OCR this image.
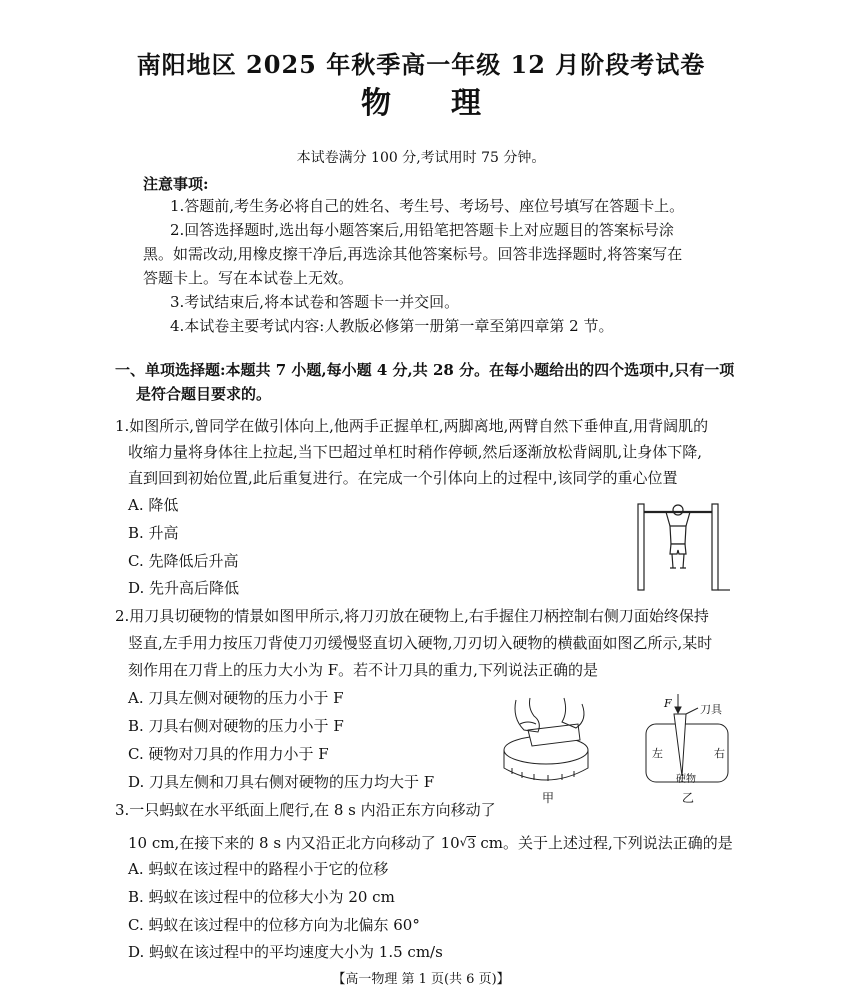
南阳地区 2025 年秋季高一年级 12 月阶段考试卷
物理
本试卷满分 100 分,考试用时 75 分钟。
注意事项:
1.答题前,考生务必将自己的姓名、考生号、考场号、座位号填写在答题卡上。
2.回答选择题时,选出每小题答案后,用铅笔把答题卡上对应题目的答案标号涂
黑。如需改动,用橡皮擦干净后,再选涂其他答案标号。回答非选择题时,将答案写在
答题卡上。写在本试卷上无效。
3.考试结束后,将本试卷和答题卡一并交回。
4.本试卷主要考试内容:人教版必修第一册第一章至第四章第 2 节。
一、单项选择题:本题共 7 小题,每小题 4 分,共 28 分。在每小题给出的四个选项中,只有一项
是符合题目要求的。
1.如图所示,曾同学在做引体向上,他两手正握单杠,两脚离地,两臂自然下垂伸直,用背阔肌的
收缩力量将身体往上拉起,当下巴超过单杠时稍作停顿,然后逐渐放松背阔肌,让身体下降,
直到回到初始位置,此后重复进行。在完成一个引体向上的过程中,该同学的重心位置
A. 降低
B. 升高
C. 先降低后升高
D. 先升高后降低
2.用刀具切硬物的情景如图甲所示,将刀刃放在硬物上,右手握住刀柄控制右侧刀面始终保持
竖直,左手用力按压刀背使刀刃缓慢竖直切入硬物,刀刃切入硬物的横截面如图乙所示,某时
刻作用在刀背上的压力大小为 F。若不计刀具的重力,下列说法正确的是
A. 刀具左侧对硬物的压力小于 F
B. 刀具右侧对硬物的压力小于 F
C. 硬物对刀具的作用力小于 F
D. 刀具左侧和刀具右侧对硬物的压力均大于 F
甲
F	刀具
左	右
硬物
乙
3.一只蚂蚁在水平纸面上爬行,在 8 s 内沿正东方向移动了
10 cm,在接下来的 8 s 内又沿正北方向移动了 10√3 cm。关于上述过程,下列说法正确的是
A. 蚂蚁在该过程中的路程小于它的位移
B. 蚂蚁在该过程中的位移大小为 20 cm
C. 蚂蚁在该过程中的位移方向为北偏东 60°
D. 蚂蚁在该过程中的平均速度大小为 1.5 cm/s
【高一物理 第 1 页(共 6 页)】
